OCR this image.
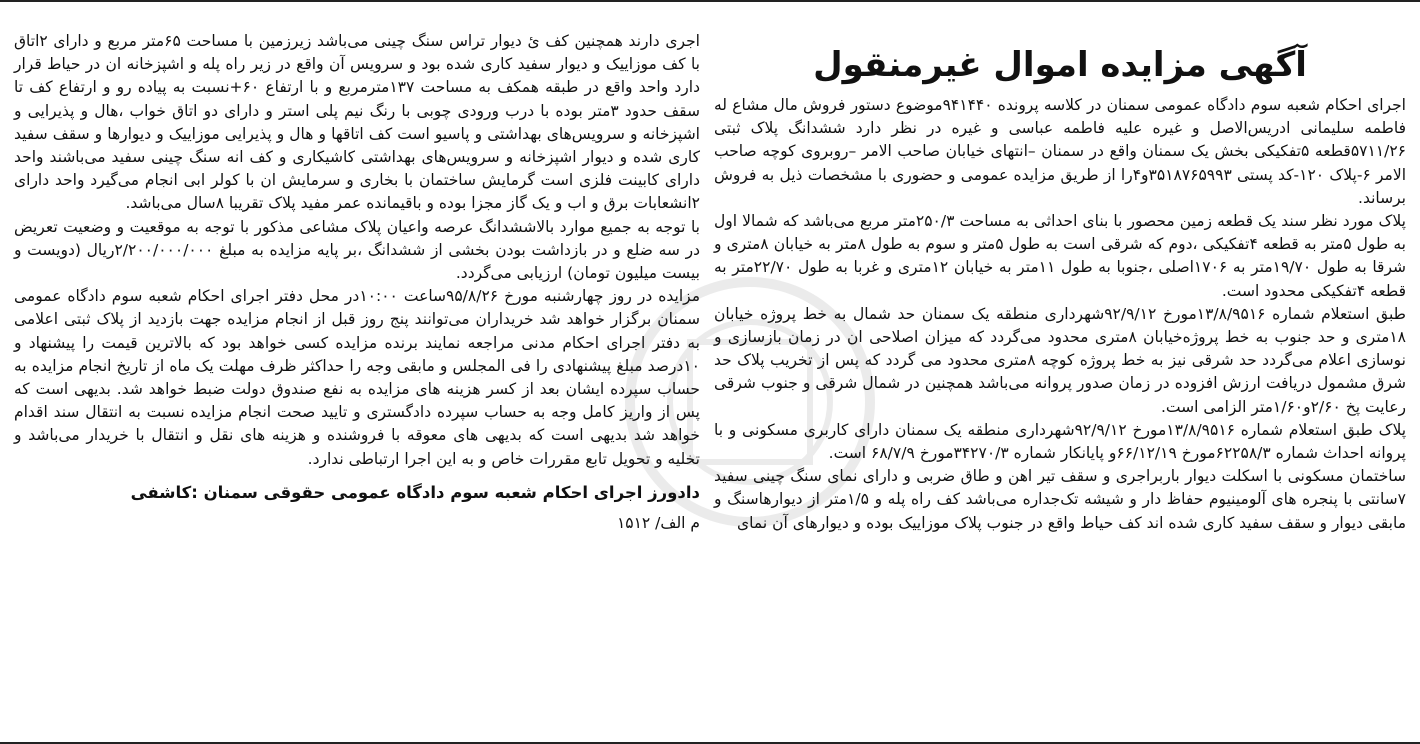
آگهی مزایده اموال غیرمنقول

اجرای احکام شعبه سوم دادگاه عمومی سمنان در کلاسه پرونده ۹۴۱۴۴۰موضوع دستور فروش مال مشاع له فاطمه سلیمانی ادریس‌الاصل و غیره علیه فاطمه عباسی و غیره در نظر دارد ششدانگ پلاک ثبتی ۵۷۱۱/۲۶قطعه ۵تفکیکی بخش یک سمنان واقع در سمنان –انتهای خیابان صاحب الامر –روبروی کوچه صاحب الامر ۶-پلاک ۱۲۰-کد پستی ۳۵۱۸۷۶۵۹۹۳و۴را از طریق مزایده عمومی و حضوری با مشخصات ذیل به فروش برساند.

پلاک مورد نظر سند یک قطعه زمین محصور با بنای احداثی به مساحت ۲۵۰/۳متر مربع می‌باشد که شمالا اول به طول ۵متر به قطعه ۴تفکیکی ،دوم که شرقی است به طول ۵متر و سوم به طول ۸متر به خیابان ۸متری و شرقا به طول ۱۹/۷۰متر به ۱۷۰۶اصلی ،جنوبا به طول ۱۱متر به خیابان ۱۲متری و غربا به طول ۲۲/۷۰متر به قطعه ۴تفکیکی محدود است.

طبق استعلام شماره ۱۳/۸/۹۵۱۶مورخ ۹۲/۹/۱۲شهرداری منطقه یک سمنان حد شمال به خط پروژه خیابان ۱۸متری و حد جنوب به خط پروژه‌خیابان ۸متری محدود می‌گردد که میزان اصلاحی ان در زمان بازسازی و نوسازی اعلام می‌گردد حد شرقی نیز به خط پروژه کوچه ۸متری محدود می گردد که پس از تخریب پلاک حد شرق مشمول دریافت ارزش افزوده در زمان صدور پروانه می‌باشد همچنین در شمال شرقی و جنوب شرقی رعایت پخ ۲/۶۰و۱/۶۰متر الزامی است.

پلاک طبق استعلام شماره ۱۳/۸/۹۵۱۶مورخ ۹۲/۹/۱۲شهرداری منطقه یک سمنان دارای کاربری مسکونی و با پروانه احداث شماره ۶۲۲۵۸/۳مورخ ۶۶/۱۲/۱۹و پایانکار شماره ۳۴۲۷۰/۳مورخ ۶۸/۷/۹ است.

ساختمان مسکونی با اسکلت دیوار باربراجری و سقف تیر اهن و طاق ضربی و دارای نمای سنگ چینی سفید ۷سانتی با پنجره های آلومینیوم حفاظ دار و شیشه تک‌جداره می‌باشد کف راه پله و ۱/۵متر از دیوارهاسنگ و مابقی دیوار و سقف سفید کاری شده اند کف حیاط واقع در جنوب پلاک موزاییک بوده و دیوارهای آن نمای

اجری دارند همچنین کف ئ دیوار تراس سنگ چینی می‌باشد زیرزمین با مساحت ۶۵متر مربع و دارای ۲اتاق با کف موزاییک و دیوار سفید کاری شده بود و سرویس آن واقع در زیر راه پله و اشپزخانه ان در حیاط قرار دارد واحد واقع در طبقه همکف به مساحت ۱۳۷مترمربع و با ارتفاع ۶۰+نسبت به پیاده رو و ارتفاع کف تا سقف حدود ۳متر بوده با درب ورودی چوبی با رنگ نیم پلی استر و دارای دو اتاق خواب ،هال و پذیرایی و اشپزخانه و سرویس‌های بهداشتی و پاسیو است کف اتاقها و هال و پذیرایی موزاییک و دیوارها و سقف سفید کاری شده و دیوار اشپزخانه و سرویس‌های بهداشتی کاشیکاری و کف انه سنگ چینی سفید می‌باشند واحد دارای کابینت فلزی است گرمایش ساختمان با بخاری و سرمایش ان با کولر ابی انجام می‌گیرد واحد دارای ۲انشعابات برق و اب و یک گاز مجزا بوده و باقیمانده عمر مفید پلاک تقریبا ۸سال می‌باشد.

با توجه به جمیع موارد بالاششدانگ عرصه واعیان پلاک مشاعی مذکور با توجه به موقعیت و وضعیت تعریض در سه ضلع و در بازداشت بودن بخشی از ششدانگ ،بر پایه مزایده به مبلغ ۲/۲۰۰/۰۰۰/۰۰۰ریال (دویست و بیست میلیون تومان) ارزیابی می‌گردد.

مزایده در روز چهارشنبه مورخ ۹۵/۸/۲۶ساعت ۱۰:۰۰در محل دفتر اجرای احکام شعبه سوم دادگاه عمومی سمنان برگزار خواهد شد خریداران می‌توانند پنج روز قبل از انجام مزایده جهت بازدید از پلاک ثبتی اعلامی به دفتر اجرای احکام مدنی مراجعه نمایند برنده مزایده کسی خواهد بود که بالاترین قیمت را پیشنهاد و ۱۰درصد مبلغ پیشنهادی را فی المجلس و مابقی وجه را حداکثر ظرف مهلت یک ماه از تاریخ انجام مزایده به حساب سپرده ایشان بعد از کسر هزینه های مزایده به نفع صندوق دولت ضبط خواهد شد. بدیهی است که پس از واریز کامل وجه به حساب سپرده دادگستری و تایید صحت انجام مزایده نسبت به انتقال سند اقدام خواهد شد بدیهی است که بدیهی های معوقه با فروشنده و هزینه های نقل و انتقال با خریدار می‌باشد و تخلیه و تحویل تابع مقررات خاص و به این اجرا ارتباطی ندارد.

دادورز اجرای احکام شعبه سوم دادگاه عمومی حقوقی سمنان :کاشفی
م الف/ ۱۵۱۲
